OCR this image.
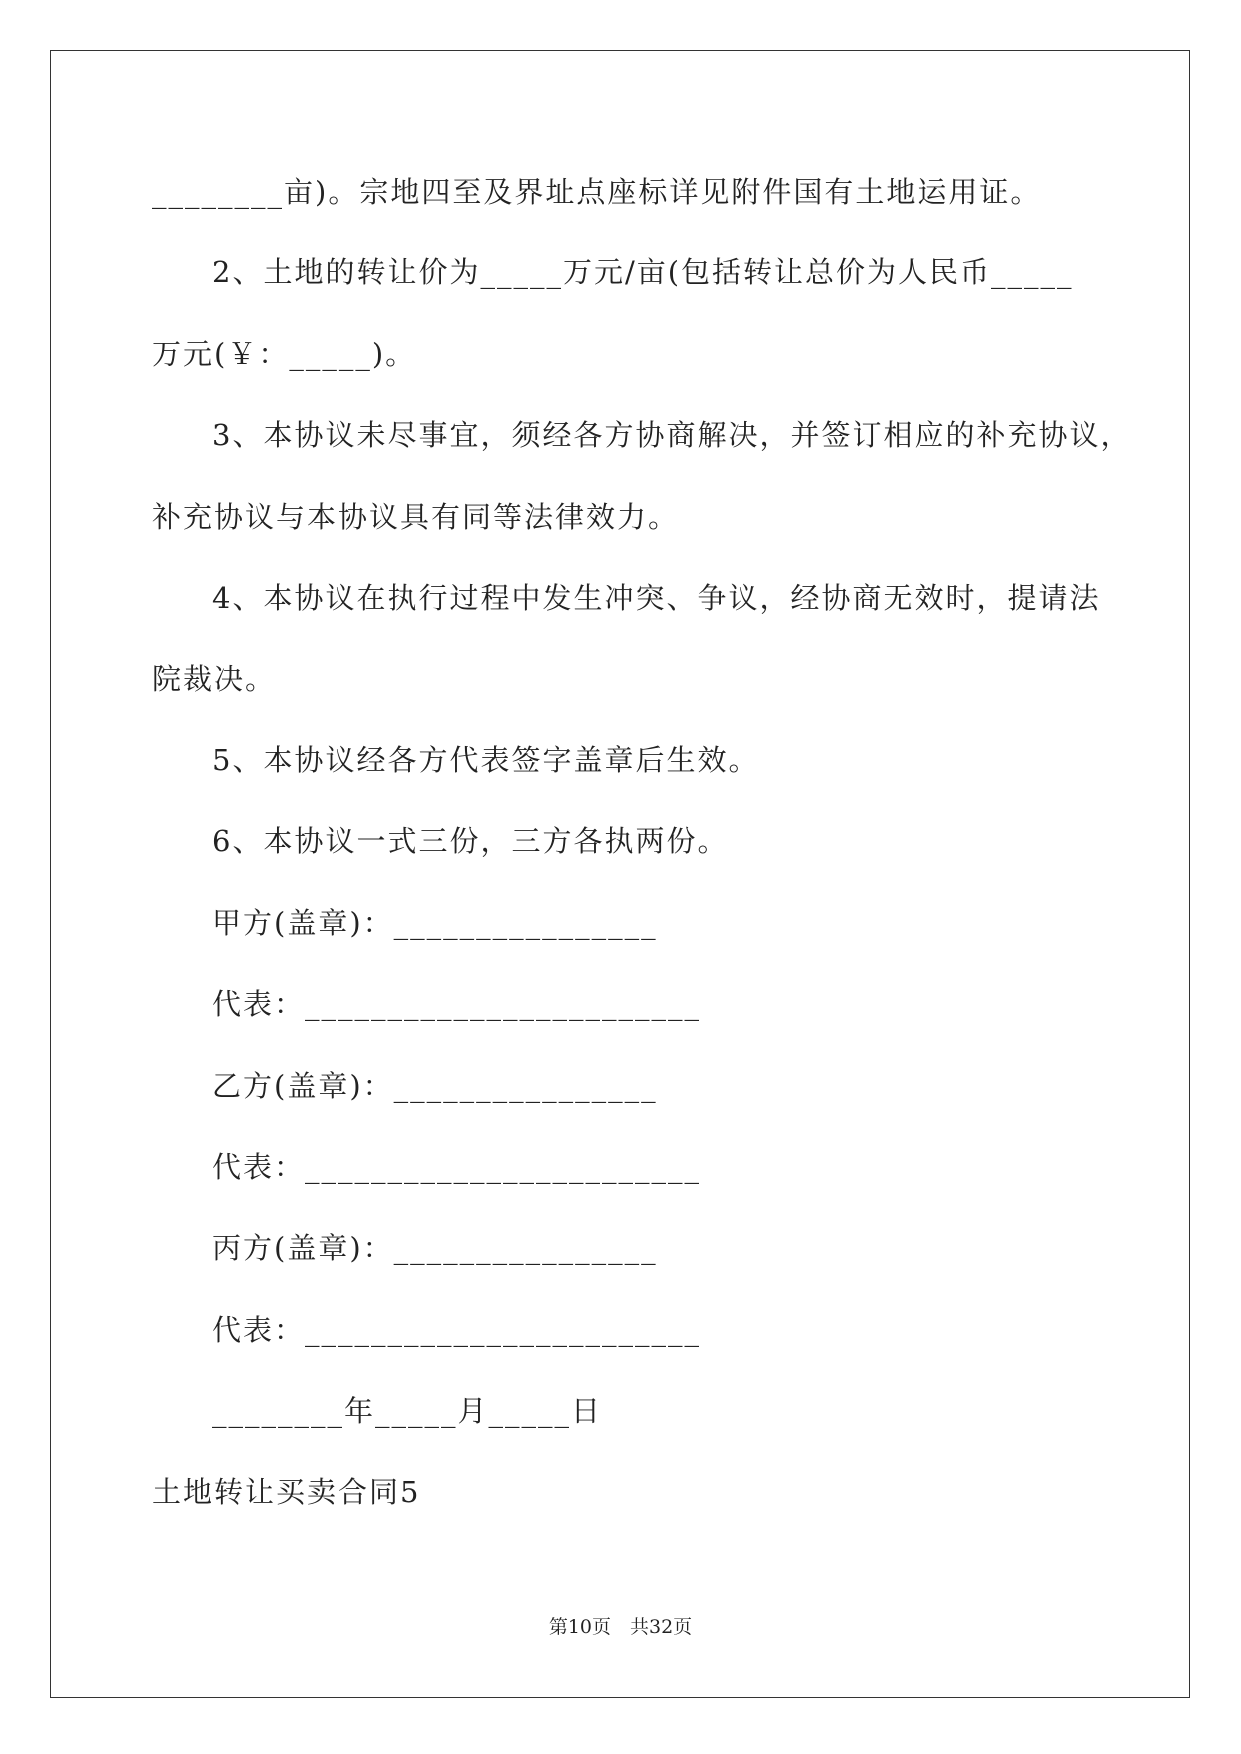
________亩)。宗地四至及界址点座标详见附件国有土地运用证。
2、土地的转让价为_____万元/亩(包括转让总价为人民币_____
万元(￥：_____)。
3、本协议未尽事宜，须经各方协商解决，并签订相应的补充协议，
补充协议与本协议具有同等法律效力。
4、本协议在执行过程中发生冲突、争议，经协商无效时，提请法
院裁决。
5、本协议经各方代表签字盖章后生效。
6、本协议一式三份，三方各执两份。
甲方(盖章)：________________
代表：________________________
乙方(盖章)：________________
代表：________________________
丙方(盖章)：________________
代表：________________________
________年_____月_____日
土地转让买卖合同5
第10页　共32页
